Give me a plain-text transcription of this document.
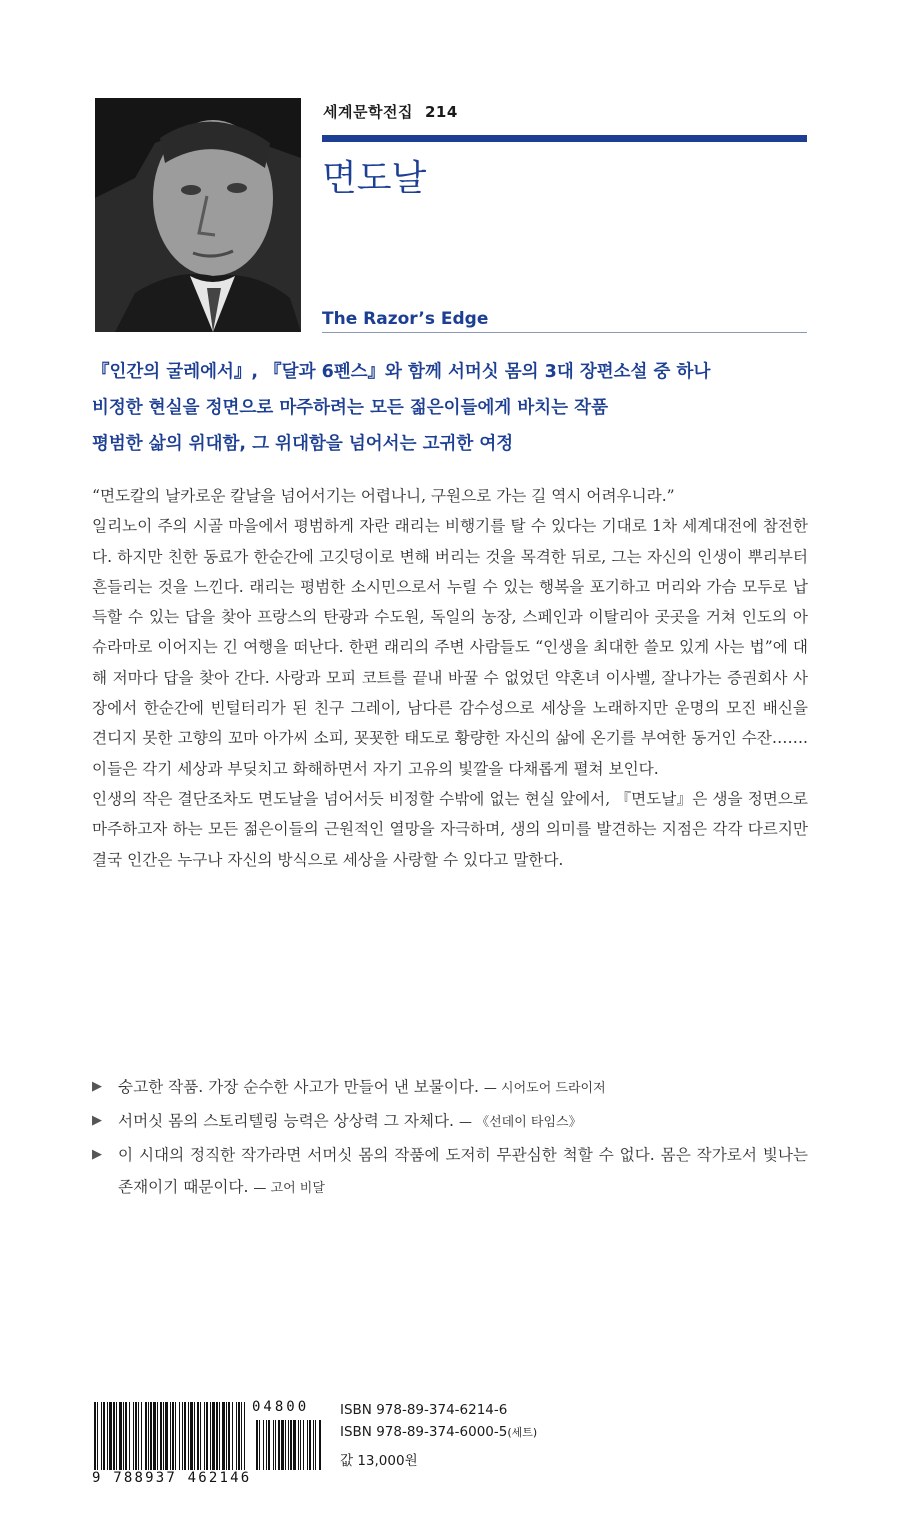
세계문학전집 214
면도날
The Razor’s Edge
『인간의 굴레에서』, 『달과 6펜스』와 함께 서머싯 몸의 3대 장편소설 중 하나
비정한 현실을 정면으로 마주하려는 모든 젊은이들에게 바치는 작품
평범한 삶의 위대함, 그 위대함을 넘어서는 고귀한 여정

“면도칼의 날카로운 칼날을 넘어서기는 어렵나니, 구원으로 가는 길 역시 어려우니라.”

일리노이 주의 시골 마을에서 평범하게 자란 래리는 비행기를 탈 수 있다는 기대로 1차 세계대전에 참전한다. 하지만 친한 동료가 한순간에 고깃덩이로 변해 버리는 것을 목격한 뒤로, 그는 자신의 인생이 뿌리부터 흔들리는 것을 느낀다. 래리는 평범한 소시민으로서 누릴 수 있는 행복을 포기하고 머리와 가슴 모두로 납득할 수 있는 답을 찾아 프랑스의 탄광과 수도원, 독일의 농장, 스페인과 이탈리아 곳곳을 거쳐 인도의 아슈라마로 이어지는 긴 여행을 떠난다. 한편 래리의 주변 사람들도 “인생을 최대한 쓸모 있게 사는 법”에 대해 저마다 답을 찾아 간다. 사랑과 모피 코트를 끝내 바꿀 수 없었던 약혼녀 이사벨, 잘나가는 증권회사 사장에서 한순간에 빈털터리가 된 친구 그레이, 남다른 감수성으로 세상을 노래하지만 운명의 모진 배신을 견디지 못한 고향의 꼬마 아가씨 소피, 꾯꾯한 태도로 황량한 자신의 삶에 온기를 부여한 동거인 수잔……. 이들은 각기 세상과 부딪치고 화해하면서 자기 고유의 빛깔을 다채롭게 펼쳐 보인다.

인생의 작은 결단조차도 면도날을 넘어서듯 비정할 수밖에 없는 현실 앞에서, 『면도날』은 생을 정면으로 마주하고자 하는 모든 젊은이들의 근원적인 열망을 자극하며, 생의 의미를 발견하는 지점은 각각 다르지만 결국 인간은 누구나 자신의 방식으로 세상을 사랑할 수 있다고 말한다.

▶	숭고한 작품. 가장 순수한 사고가 만들어 낸 보물이다. — 시어도어 드라이저
▶	서머싯 몸의 스토리텔링 능력은 상상력 그 자체다. — 《선데이 타임스》
▶	이 시대의 정직한 작가라면 서머싯 몸의 작품에 도저히 무관심한 척할 수 없다. 몸은 작가로서 빛나는 존재이기 때문이다. — 고어 비달
9 788937 462146
04800 ISBN 978-89-374-6214-6
ISBN 978-89-374-6000-5(세트)
값 13,000원
